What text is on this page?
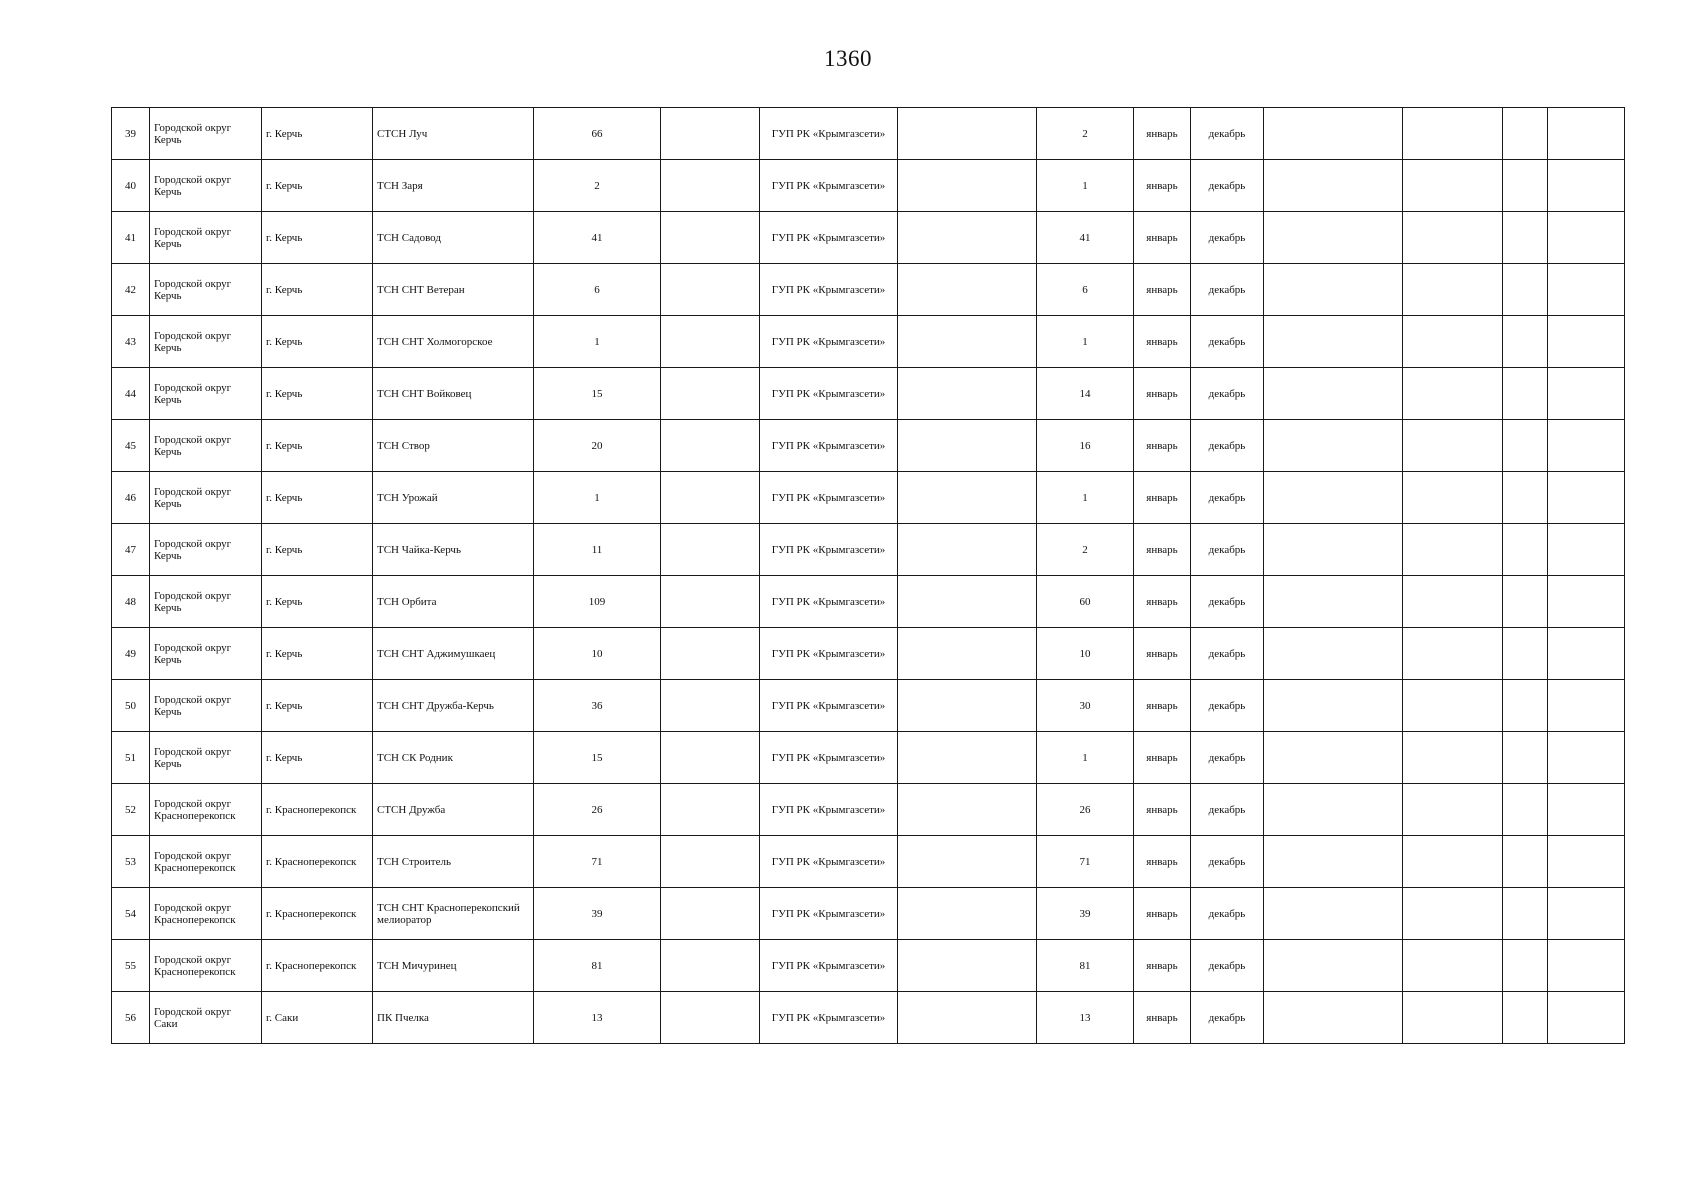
1360
39	Городской округ Керчь	г. Керчь	СТСН Луч	66		ГУП РК «Крымгазсети»		2	январь	декабрь				

40	Городской округ Керчь	г. Керчь	ТСН Заря	2		ГУП РК «Крымгазсети»		1	январь	декабрь				

41	Городской округ Керчь	г. Керчь	ТСН Садовод	41		ГУП РК «Крымгазсети»		41	январь	декабрь				

42	Городской округ Керчь	г. Керчь	ТСН СНТ Ветеран	6		ГУП РК «Крымгазсети»		6	январь	декабрь				

43	Городской округ Керчь	г. Керчь	ТСН СНТ Холмогорское	1		ГУП РК «Крымгазсети»		1	январь	декабрь				

44	Городской округ Керчь	г. Керчь	ТСН СНТ Войковец	15		ГУП РК «Крымгазсети»		14	январь	декабрь				

45	Городской округ Керчь	г. Керчь	ТСН Створ	20		ГУП РК «Крымгазсети»		16	январь	декабрь				

46	Городской округ Керчь	г. Керчь	ТСН Урожай	1		ГУП РК «Крымгазсети»		1	январь	декабрь				

47	Городской округ Керчь	г. Керчь	ТСН Чайка-Керчь	11		ГУП РК «Крымгазсети»		2	январь	декабрь				

48	Городской округ Керчь	г. Керчь	ТСН Орбита	109		ГУП РК «Крымгазсети»		60	январь	декабрь				

49	Городской округ Керчь	г. Керчь	ТСН СНТ Аджимушкаец	10		ГУП РК «Крымгазсети»		10	январь	декабрь				

50	Городской округ Керчь	г. Керчь	ТСН СНТ Дружба-Керчь	36		ГУП РК «Крымгазсети»		30	январь	декабрь				

51	Городской округ Керчь	г. Керчь	ТСН СК Родник	15		ГУП РК «Крымгазсети»		1	январь	декабрь				

52	Городской округ Красноперекопск	г. Красноперекопск	СТСН Дружба	26		ГУП РК «Крымгазсети»		26	январь	декабрь				

53	Городской округ Красноперекопск	г. Красноперекопск	ТСН Строитель	71		ГУП РК «Крымгазсети»		71	январь	декабрь				

54	Городской округ Красноперекопск	г. Красноперекопск	ТСН СНТ Красноперекопский мелиоратор	39		ГУП РК «Крымгазсети»		39	январь	декабрь				

55	Городской округ Красноперекопск	г. Красноперекопск	ТСН Мичуринец	81		ГУП РК «Крымгазсети»		81	январь	декабрь				

56	Городской округ Саки	г. Саки	ПК Пчелка	13		ГУП РК «Крымгазсети»		13	январь	декабрь				
